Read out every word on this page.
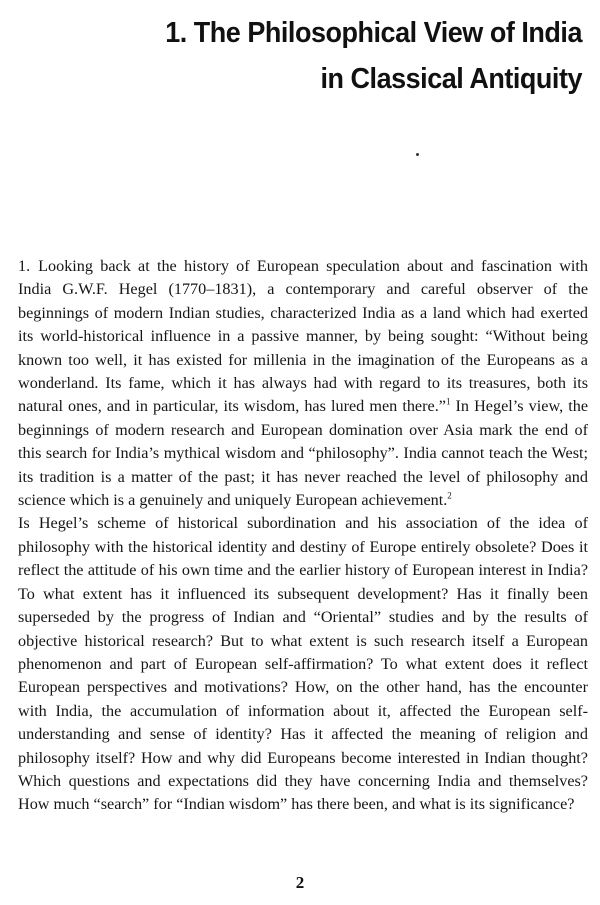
1. The Philosophical View of India
in Classical Antiquity

1. Looking back at the history of European speculation about and fascination with India G.W.F. Hegel (1770–1831), a contemporary and careful observer of the beginnings of modern Indian studies, characterized India as a land which had exerted its world-historical influence in a passive manner, by being sought: “Without being known too well, it has existed for millenia in the imagination of the Europeans as a wonderland. Its fame, which it has always had with regard to its treasures, both its natural ones, and in particular, its wisdom, has lured men there.”$^1$ In Hegel’s view, the beginnings of modern research and European domination over Asia mark the end of this search for India’s mythical wisdom and “philosophy”. India cannot teach the West; its tradition is a matter of the past; it has never reached the level of philosophy and science which is a genuinely and uniquely European achievement.$^2$

Is Hegel’s scheme of historical subordination and his association of the idea of philosophy with the historical identity and destiny of Europe entirely obsolete? Does it reflect the attitude of his own time and the earlier history of European interest in India? To what extent has it influenced its subsequent development? Has it finally been superseded by the progress of Indian and “Oriental” studies and by the results of objective historical research? But to what extent is such research itself a European phenomenon and part of European self-affirmation? To what extent does it reflect European perspectives and motivations? How, on the other hand, has the encounter with India, the accumulation of information about it, affected the European self-understanding and sense of identity? Has it affected the meaning of religion and philosophy itself? How and why did Europeans become interested in Indian thought? Which questions and expectations did they have concerning India and themselves? How much “search” for “Indian wisdom” has there been, and what is its significance?

2
